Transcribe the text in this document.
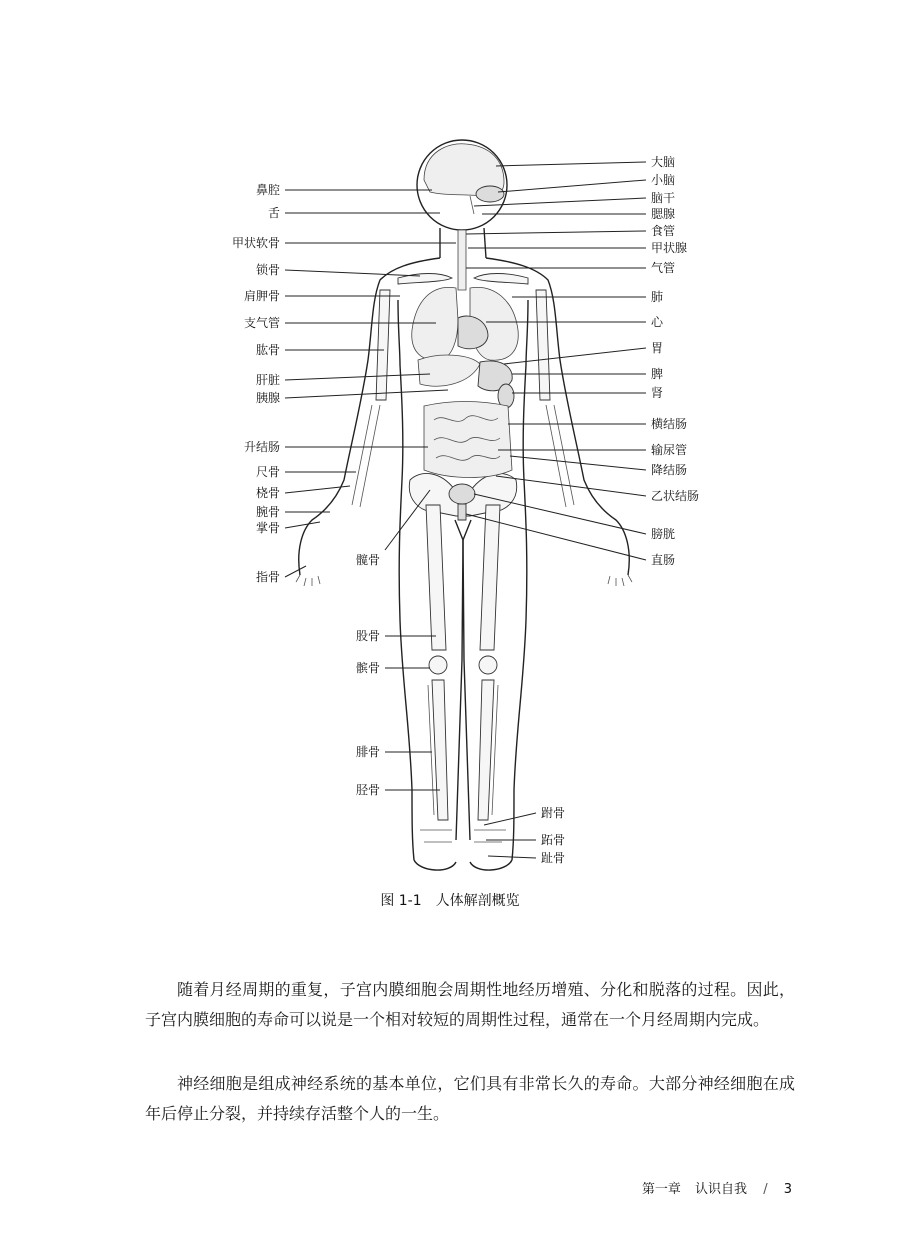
鼻腔
舌
甲状软骨
锁骨
肩胛骨
支气管
肱骨
肝脏
胰腺
升结肠
尺骨
桡骨
腕骨
掌骨
指骨
髋骨
股骨
髌骨
腓骨
胫骨
大脑
小脑
脑干
腮腺
食管
甲状腺
气管
肺
心
胃
脾
肾
横结肠
输尿管
降结肠
乙状结肠
膀胱
直肠
跗骨
跖骨
趾骨
图 1-1 人体解剖概览

随着月经周期的重复，子宫内膜细胞会周期性地经历增殖、分化和脱落的过程。因此，子宫内膜细胞的寿命可以说是一个相对较短的周期性过程，通常在一个月经周期内完成。

神经细胞是组成神经系统的基本单位，它们具有非常长久的寿命。大部分神经细胞在成年后停止分裂，并持续存活整个人的一生。

第一章 认识自我 / 3
